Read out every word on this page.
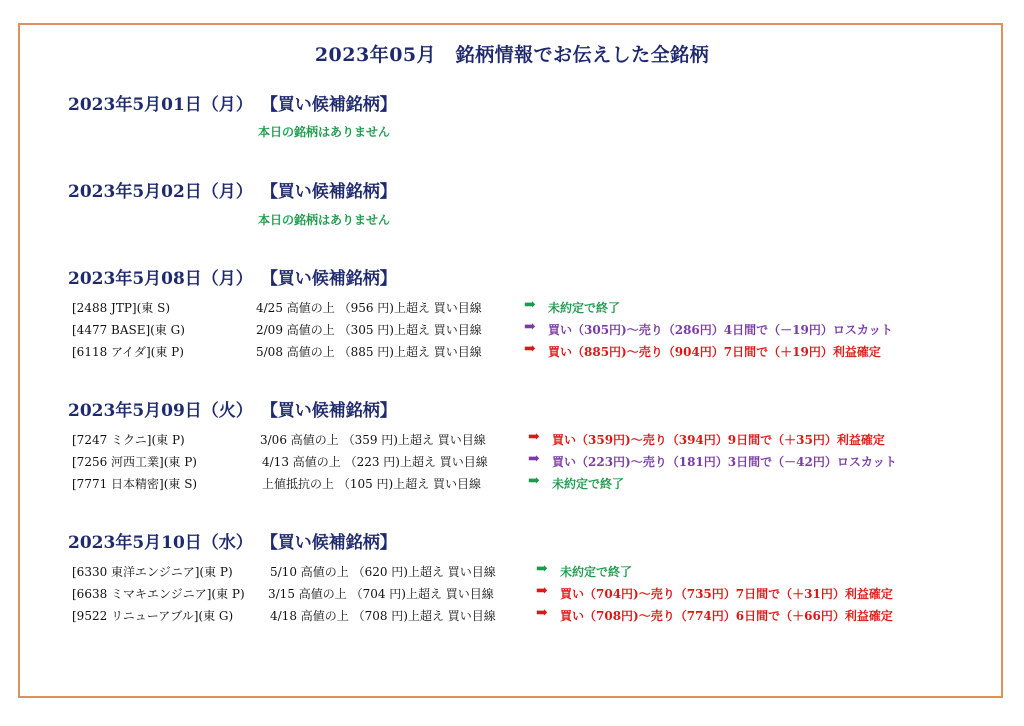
2023年05月　銘柄情報でお伝えした全銘柄
2023年5月01日（月） 【買い候補銘柄】
本日の銘柄はありません
2023年5月02日（月） 【買い候補銘柄】
本日の銘柄はありません
2023年5月08日（月） 【買い候補銘柄】
[2488 JTP](東 S)	4/25 高値の上 （956 円)上超え 買い目線	➡ 未約定で終了
[4477 BASE](東 G)	2/09 高値の上 （305 円)上超え 買い目線	➡ 買い（305円)～売り（286円）4日間で（－19円）ロスカット
[6118 アイダ](東 P)	5/08 高値の上 （885 円)上超え 買い目線	➡ 買い（885円)～売り（904円）7日間で（＋19円）利益確定
2023年5月09日（火） 【買い候補銘柄】
[7247 ミクニ](東 P)	3/06 高値の上 （359 円)上超え 買い目線	➡ 買い（359円)～売り（394円）9日間で（＋35円）利益確定
[7256 河西工業](東 P)	4/13 高値の上 （223 円)上超え 買い目線	➡ 買い（223円)～売り（181円）3日間で（－42円）ロスカット
[7771 日本精密](東 S)	上値抵抗の上 （105 円)上超え 買い目線	➡ 未約定で終了
2023年5月10日（水） 【買い候補銘柄】
[6330 東洋エンジニア](東 P)	5/10 高値の上 （620 円)上超え 買い目線	➡ 未約定で終了
[6638 ミマキエンジニア](東 P) 3/15 高値の上 （704 円)上超え 買い目線	➡ 買い（704円)～売り（735円）7日間で（＋31円）利益確定
[9522 リニューアブル](東 G)	4/18 高値の上 （708 円)上超え 買い目線	➡ 買い（708円)～売り（774円）6日間で（＋66円）利益確定
